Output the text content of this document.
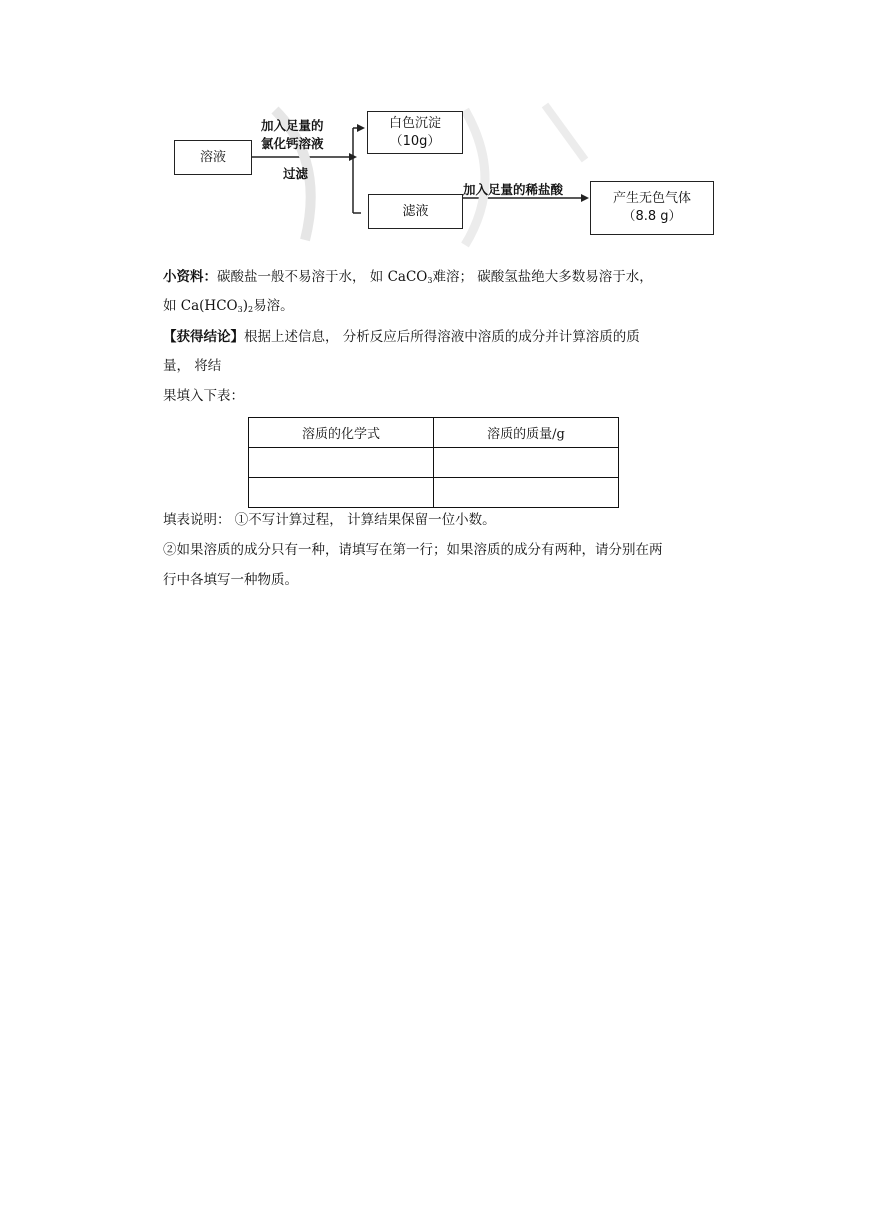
溶液
加入足量的
氯化钙溶液
过滤
白色沉淀
（10g）
滤液
加入足量的稀盐酸
产生无色气体
（8.8 g）
小资料：碳酸盐一般不易溶于水， 如 CaCO$_3$难溶； 碳酸氢盐绝大多数易溶于水，
如 $Ca(HCO_3)_2$易溶。
【获得结论】根据上述信息， 分析反应后所得溶液中溶质的成分并计算溶质的质
量， 将结
果填入下表：
溶质的化学式	溶质的质量/g

填表说明： ①不写计算过程， 计算结果保留一位小数。
②如果溶质的成分只有一种，请填写在第一行；如果溶质的成分有两种，请分别在两
行中各填写一种物质。
